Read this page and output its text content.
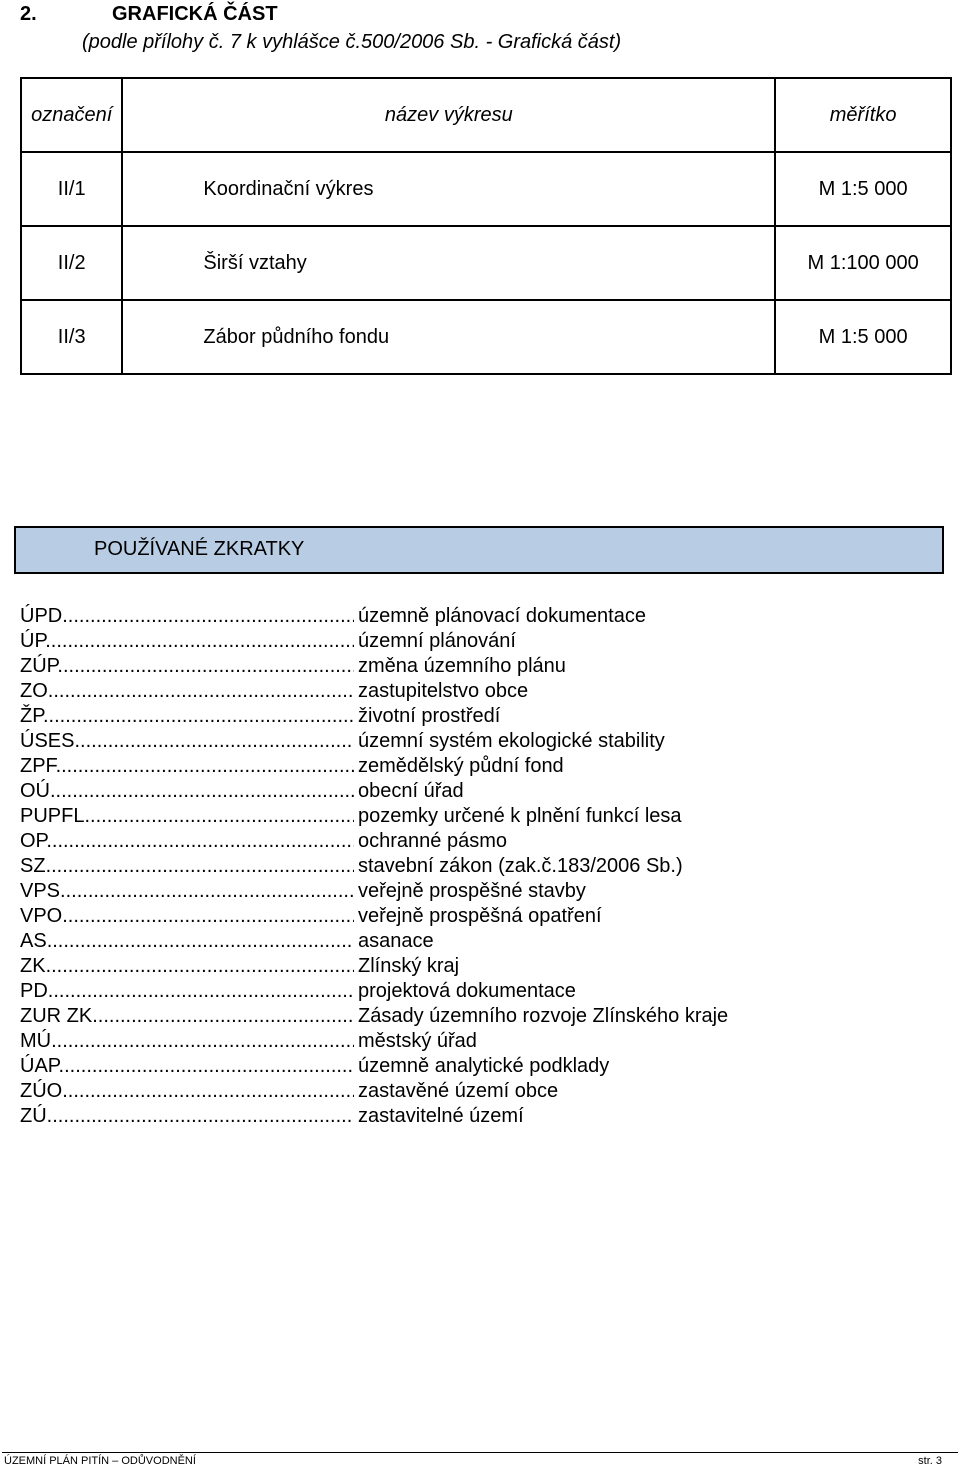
2.	GRAFICKÁ ČÁST
(podle přílohy č. 7 k vyhlášce č.500/2006 Sb. - Grafická část)
označení	název výkresu	měřítko
II/1	Koordinační výkres	M 1:5 000
II/2	Širší vztahy	M 1:100 000
II/3	Zábor půdního fondu	M 1:5 000
POUŽÍVANÉ ZKRATKY
ÚPD .....	územně plánovací dokumentace
ÚP .....	územní plánování
ZÚP .....	změna územního plánu
ZO .....	zastupitelstvo obce
ŽP .....	životní prostředí
ÚSES .....	územní systém ekologické stability
ZPF .....	zemědělský půdní fond
OÚ .....	obecní úřad
PUPFL .....	pozemky určené k plnění funkcí lesa
OP .....	ochranné pásmo
SZ .....	stavební zákon (zak.č.183/2006 Sb.)
VPS .....	veřejně prospěšné stavby
VPO .....	veřejně prospěšná opatření
AS .....	asanace
ZK .....	Zlínský kraj
PD .....	projektová dokumentace
ZUR ZK .....	Zásady územního rozvoje Zlínského kraje
MÚ .....	městský úřad
ÚAP .....	územně analytické podklady
ZÚO .....	zastavěné území obce
ZÚ .....	zastavitelné území
ÚZEMNÍ PLÁN PITÍN – ODŮVODNĚNÍ	str. 3
